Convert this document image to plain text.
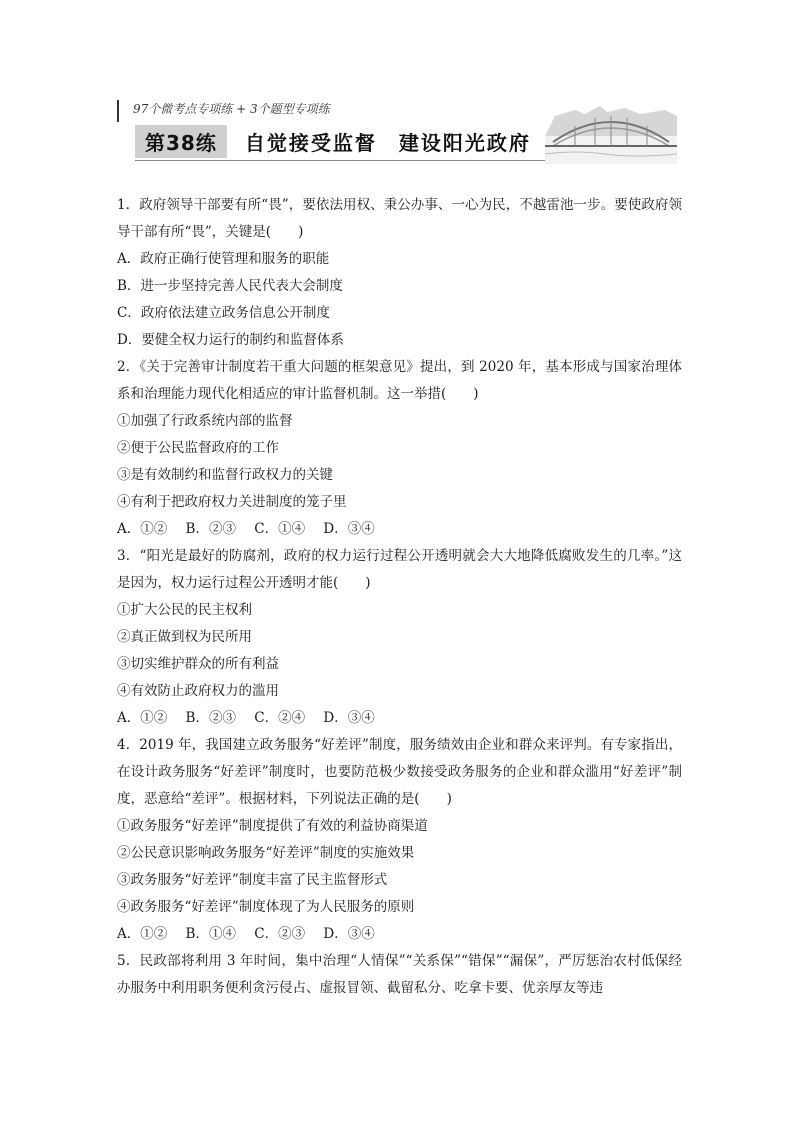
97个微考点专项练 + 3个题型专项练
第38练	自觉接受监督　建设阳光政府
1．政府领导干部要有所“畏”，要依法用权、秉公办事、一心为民，不越雷池一步。要使政府领导干部有所“畏”，关键是(　　)
A．政府正确行使管理和服务的职能
B．进一步坚持完善人民代表大会制度
C．政府依法建立政务信息公开制度
D．要健全权力运行的制约和监督体系
2．《关于完善审计制度若干重大问题的框架意见》提出，到 2020 年，基本形成与国家治理体系和治理能力现代化相适应的审计监督机制。这一举措(　　)
①加强了行政系统内部的监督
②便于公民监督政府的工作
③是有效制约和监督行政权力的关键
④有利于把政府权力关进制度的笼子里
A．①② B．②③ C．①④ D．③④
3．“阳光是最好的防腐剂，政府的权力运行过程公开透明就会大大地降低腐败发生的几率。”这是因为，权力运行过程公开透明才能(　　)
①扩大公民的民主权利
②真正做到权为民所用
③切实维护群众的所有利益
④有效防止政府权力的滥用
A．①② B．②③ C．②④ D．③④
4．2019 年，我国建立政务服务“好差评”制度，服务绩效由企业和群众来评判。有专家指出，在设计政务服务“好差评”制度时，也要防范极少数接受政务服务的企业和群众滥用“好差评”制度，恶意给“差评”。根据材料，下列说法正确的是(　　)
①政务服务“好差评”制度提供了有效的利益协商渠道
②公民意识影响政务服务“好差评”制度的实施效果
③政务服务“好差评”制度丰富了民主监督形式
④政务服务“好差评”制度体现了为人民服务的原则
A．①② B．①④ C．②③ D．③④
5．民政部将利用 3 年时间，集中治理“人情保”“关系保”“错保”“漏保”，严厉惩治农村低保经办服务中利用职务便利贪污侵占、虚报冒领、截留私分、吃拿卡要、优亲厚友等违
